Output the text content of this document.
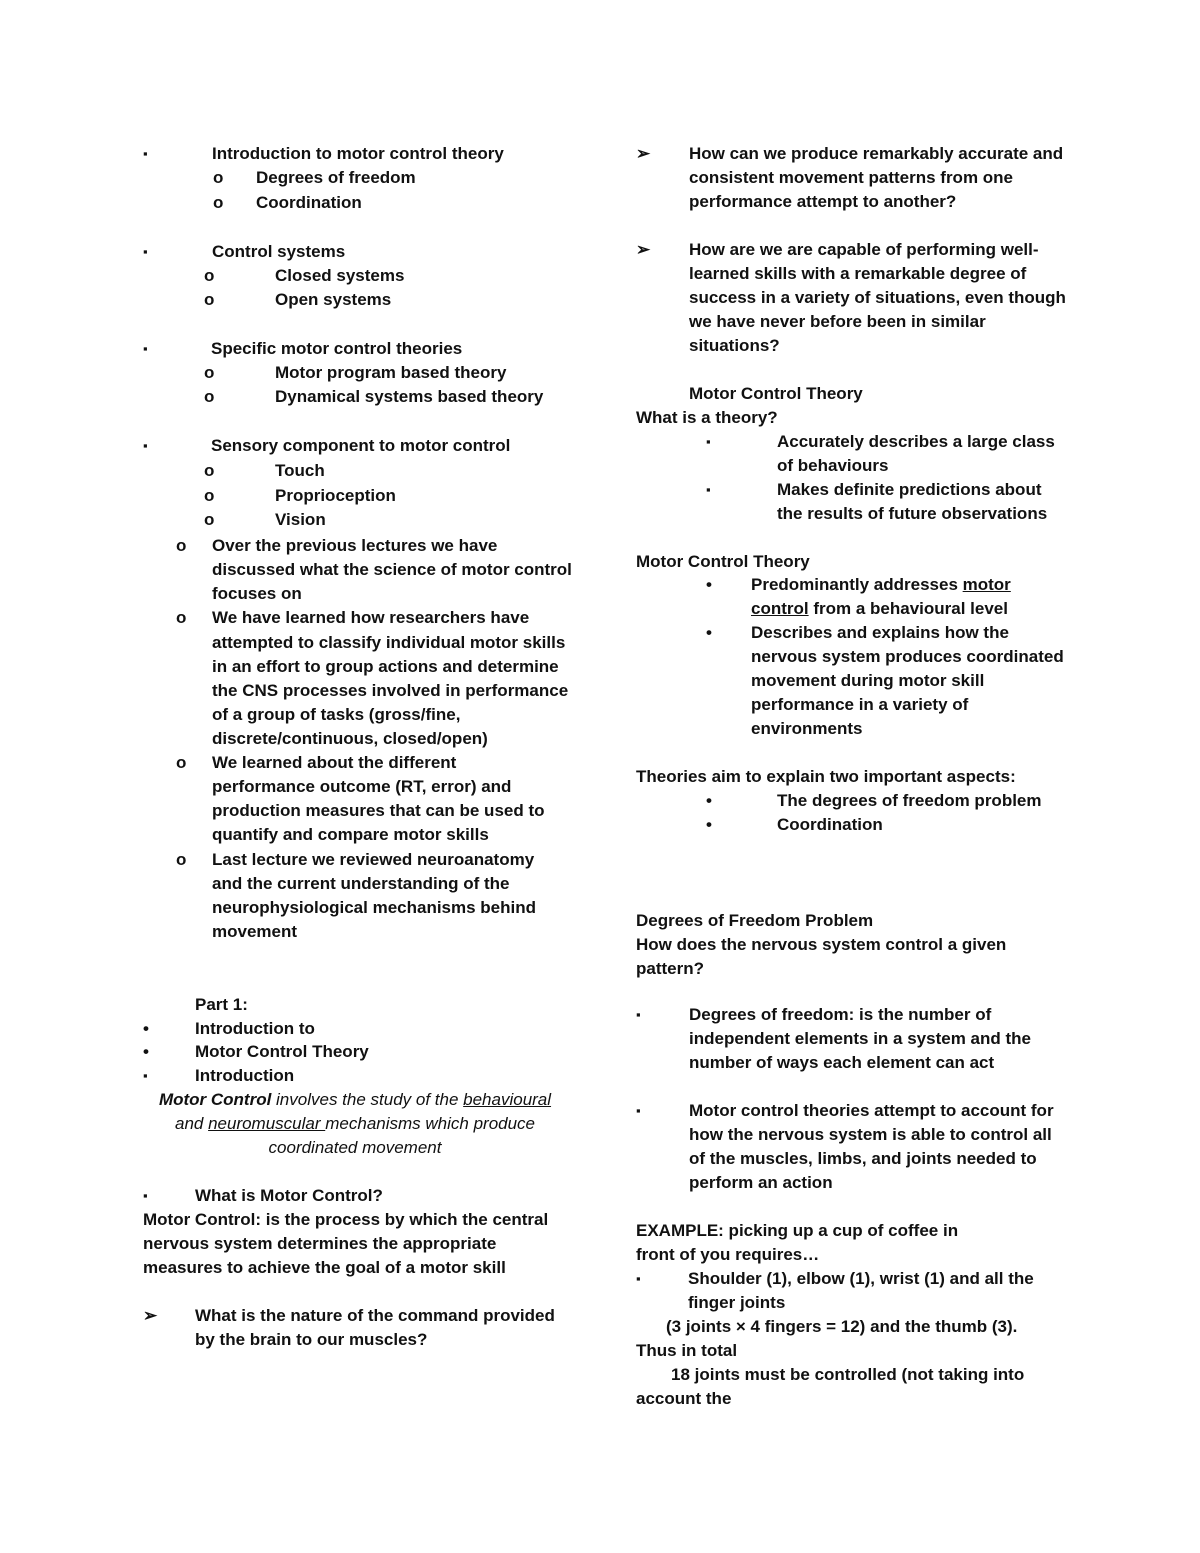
▪	Introduction to motor control theory
o Degrees of freedom
o Coordination
▪	Control systems
o	Closed systems
o	Open systems
▪	Specific motor control theories
o	Motor program based theory
o	Dynamical systems based theory
▪	Sensory component to motor control
o	Touch
o	Proprioception
o	Vision
o Over the previous lectures we have
discussed what the science of motor control
focuses on
o We have learned how researchers have
attempted to classify individual motor skills
in an effort to group actions and determine
the CNS processes involved in performance
of a group of tasks (gross/fine,
discrete/continuous, closed/open)
o We learned about the different
performance outcome (RT, error) and
production measures that can be used to
quantify and compare motor skills
o Last lecture we reviewed neuroanatomy
and the current understanding of the
neurophysiological mechanisms behind
movement
Part 1:
•	Introduction to
•	Motor Control Theory
▪	Introduction
Motor Control involves the study of the behavioural
and neuromuscular mechanisms which produce
coordinated movement
▪	What is Motor Control?
Motor Control: is the process by which the central
nervous system determines the appropriate
measures to achieve the goal of a motor skill
➢ What is the nature of the command provided
by the brain to our muscles?
➢ How can we produce remarkably accurate and
consistent movement patterns from one
performance attempt to another?
➢ How are we are capable of performing well-
learned skills with a remarkable degree of
success in a variety of situations, even though
we have never before been in similar
situations?
Motor Control Theory
What is a theory?
▪	Accurately describes a large class
of behaviours
▪	Makes definite predictions about
the results of future observations
Motor Control Theory
• Predominantly addresses motor
control from a behavioural level
• Describes and explains how the
nervous system produces coordinated
movement during motor skill
performance in a variety of
environments
Theories aim to explain two important aspects:
•	The degrees of freedom problem
•	Coordination
Degrees of Freedom Problem
How does the nervous system control a given
pattern?
▪	Degrees of freedom: is the number of
independent elements in a system and the
number of ways each element can act
▪	Motor control theories attempt to account for
how the nervous system is able to control all
of the muscles, limbs, and joints needed to
perform an action
EXAMPLE: picking up a cup of coffee in
front of you requires…
▪	Shoulder (1), elbow (1), wrist (1) and all the
finger joints
(3 joints × 4 fingers = 12) and the thumb (3).
Thus in total
18 joints must be controlled (not taking into
account the
